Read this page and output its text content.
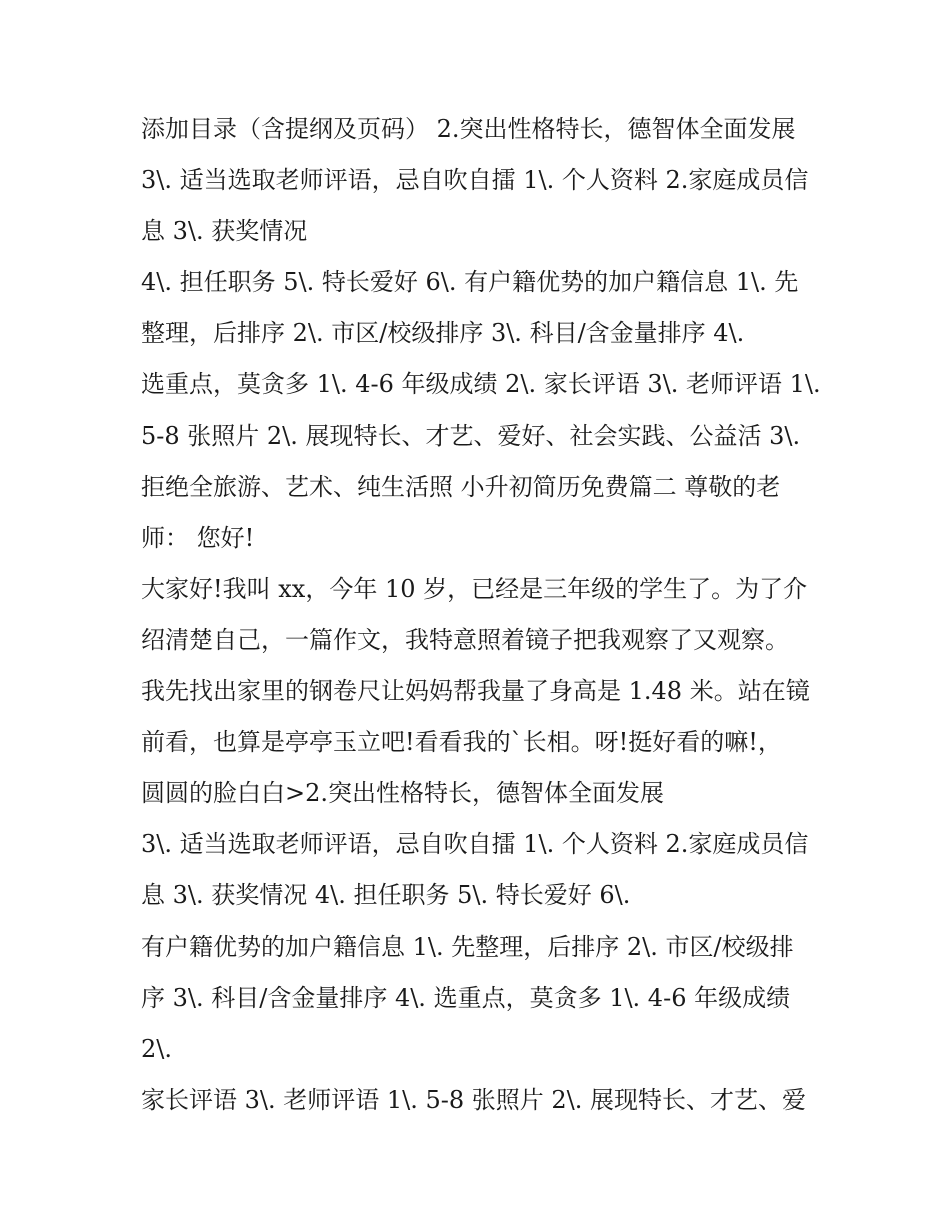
添加目录（含提纲及页码） 2.突出性格特长，德智体全面发展
3\. 适当选取老师评语，忌自吹自擂 1\. 个人资料 2.家庭成员信
息 3\. 获奖情况
4\. 担任职务 5\. 特长爱好 6\. 有户籍优势的加户籍信息 1\. 先
整理，后排序 2\. 市区/校级排序 3\. 科目/含金量排序 4\.
选重点，莫贪多 1\. 4-6 年级成绩 2\. 家长评语 3\. 老师评语 1\.
5-8 张照片 2\. 展现特长、才艺、爱好、社会实践、公益活 3\.
拒绝全旅游、艺术、纯生活照 小升初简历免费篇二 尊敬的老
师： 您好!
大家好!我叫 xx，今年 10 岁，已经是三年级的学生了。为了介
绍清楚自己，一篇作文，我特意照着镜子把我观察了又观察。
我先找出家里的钢卷尺让妈妈帮我量了身高是 1.48 米。站在镜
前看，也算是亭亭玉立吧!看看我的`长相。呀!挺好看的嘛!，
圆圆的脸白白>2.突出性格特长，德智体全面发展
3\. 适当选取老师评语，忌自吹自擂 1\. 个人资料 2.家庭成员信
息 3\. 获奖情况 4\. 担任职务 5\. 特长爱好 6\.
有户籍优势的加户籍信息 1\. 先整理，后排序 2\. 市区/校级排
序 3\. 科目/含金量排序 4\. 选重点，莫贪多 1\. 4-6 年级成绩
2\.
家长评语 3\. 老师评语 1\. 5-8 张照片 2\. 展现特长、才艺、爱
